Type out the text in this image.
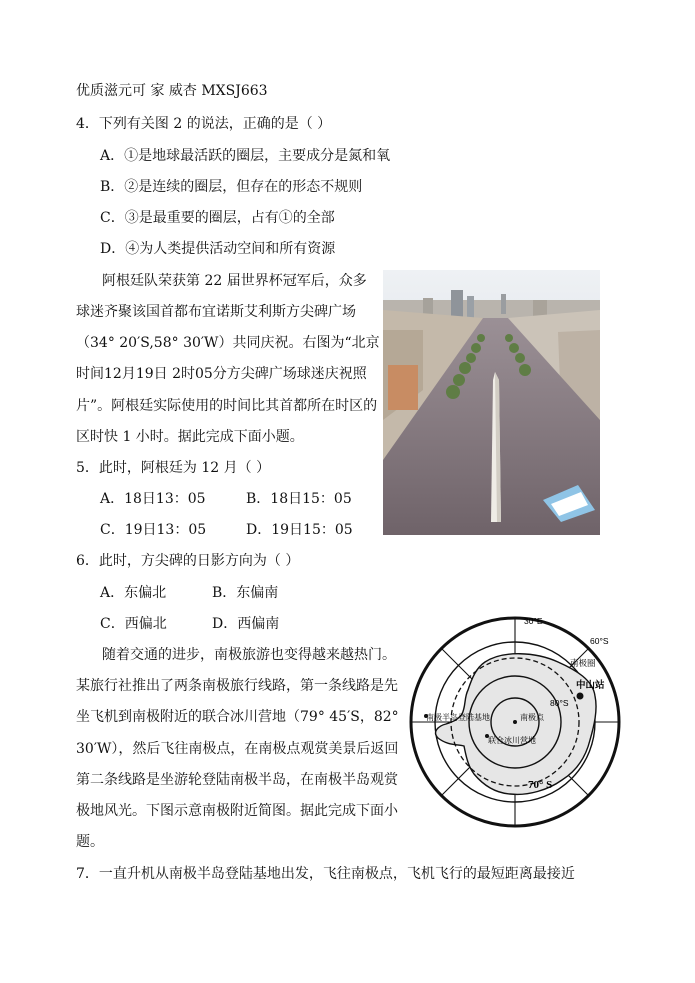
优质滋元可 家 威杏 MXSJ663
4．下列有关图 2 的说法，正确的是（ ）
A．①是地球最活跃的圈层，主要成分是氮和氧
B．②是连续的圈层，但存在的形态不规则
C．③是最重要的圈层，占有①的全部
D．④为人类提供活动空间和所有资源
阿根廷队荣获第 22 届世界杯冠军后，众多
球迷齐聚该国首都布宜诺斯艾利斯方尖碑广场
（34° 20′S,58° 30′W）共同庆祝。右图为“北京
时间12月19日 2时05分方尖碑广场球迷庆祝照
片”。阿根廷实际使用的时间比其首都所在时区的
区时快 1 小时。据此完成下面小题。
5．此时，阿根廷为 12 月（ ）
A．18日13：05	B．18日15：05
C．19日13：05	D．19日15：05
6．此时，方尖碑的日影方向为（ ）
A．东偏北	B．东偏南
C．西偏北	D．西偏南
随着交通的进步，南极旅游也变得越来越热门。
某旅行社推出了两条南极旅行线路，第一条线路是先
坐飞机到南极附近的联合冰川营地（79° 45′S，82°
30′W），然后飞往南极点，在南极点观赏美景后返回
第二条线路是坐游轮登陆南极半岛，在南极半岛观赏
极地风光。下图示意南极附近简图。据此完成下面小
题。
30°E
60°S
南极圈
中山站
80°S
南极半岛登陆基地	南极点
联合冰川营地
70° S
7．一直升机从南极半岛登陆基地出发，飞往南极点，飞机飞行的最短距离最接近
